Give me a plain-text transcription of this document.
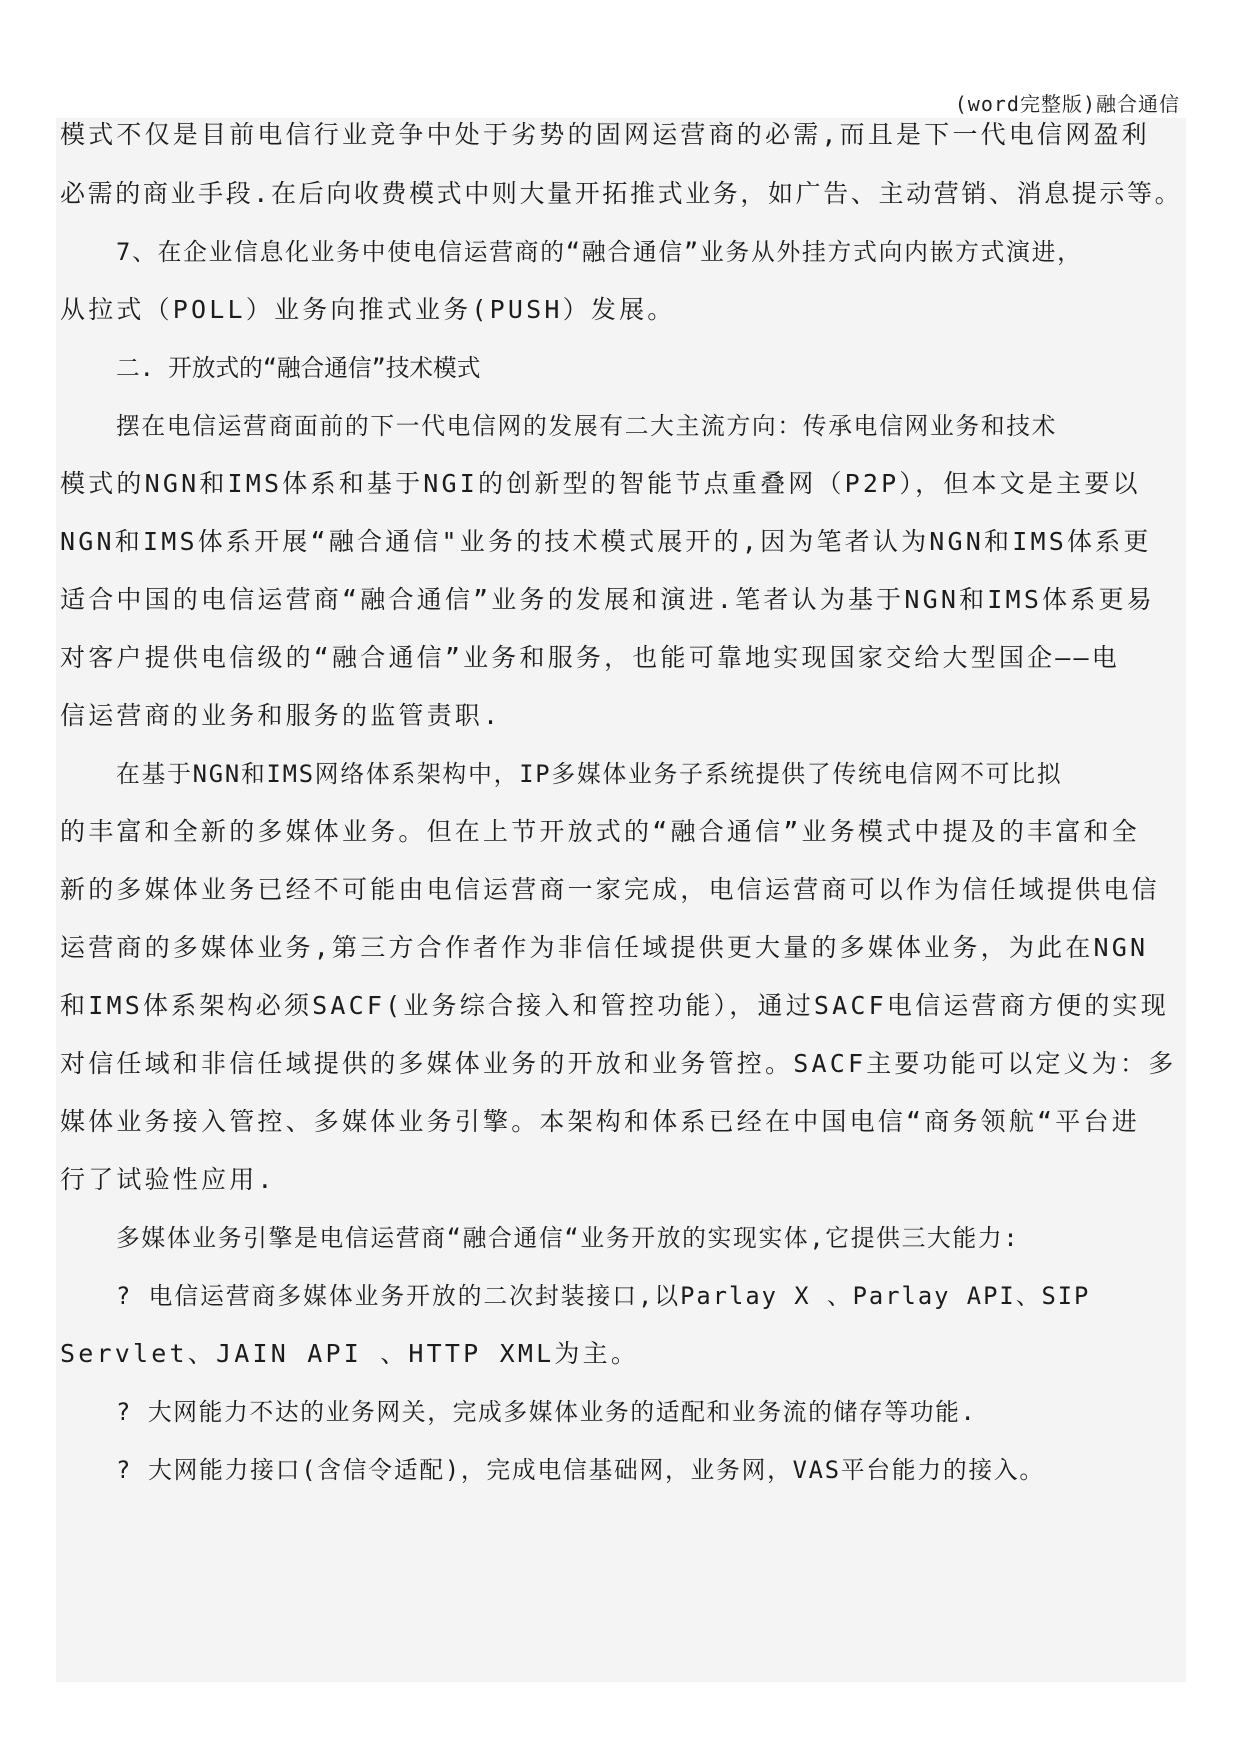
(word完整版)融合通信
模式不仅是目前电信行业竞争中处于劣势的固网运营商的必需,而且是下一代电信网盈利
必需的商业手段.在后向收费模式中则大量开拓推式业务，如广告、主动营销、消息提示等。
7、在企业信息化业务中使电信运营商的“融合通信”业务从外挂方式向内嵌方式演进，
从拉式（POLL）业务向推式业务(PUSH）发展。
二. 开放式的“融合通信”技术模式
摆在电信运营商面前的下一代电信网的发展有二大主流方向：传承电信网业务和技术
模式的NGN和IMS体系和基于NGI的创新型的智能节点重叠网（P2P），但本文是主要以
NGN和IMS体系开展“融合通信"业务的技术模式展开的,因为笔者认为NGN和IMS体系更
适合中国的电信运营商“融合通信”业务的发展和演进.笔者认为基于NGN和IMS体系更易
对客户提供电信级的“融合通信”业务和服务，也能可靠地实现国家交给大型国企——电
信运营商的业务和服务的监管责职.
在基于NGN和IMS网络体系架构中，IP多媒体业务子系统提供了传统电信网不可比拟
的丰富和全新的多媒体业务。但在上节开放式的“融合通信”业务模式中提及的丰富和全
新的多媒体业务已经不可能由电信运营商一家完成，电信运营商可以作为信任域提供电信
运营商的多媒体业务,第三方合作者作为非信任域提供更大量的多媒体业务，为此在NGN
和IMS体系架构必须SACF(业务综合接入和管控功能），通过SACF电信运营商方便的实现
对信任域和非信任域提供的多媒体业务的开放和业务管控。SACF主要功能可以定义为：多
媒体业务接入管控、多媒体业务引擎。本架构和体系已经在中国电信“商务领航“平台进
行了试验性应用.
多媒体业务引擎是电信运营商“融合通信“业务开放的实现实体,它提供三大能力:
? 电信运营商多媒体业务开放的二次封装接口,以Parlay X 、Parlay API、SIP
Servlet、JAIN API 、HTTP XML为主。
? 大网能力不达的业务网关，完成多媒体业务的适配和业务流的储存等功能.
? 大网能力接口(含信令适配)，完成电信基础网，业务网，VAS平台能力的接入。
